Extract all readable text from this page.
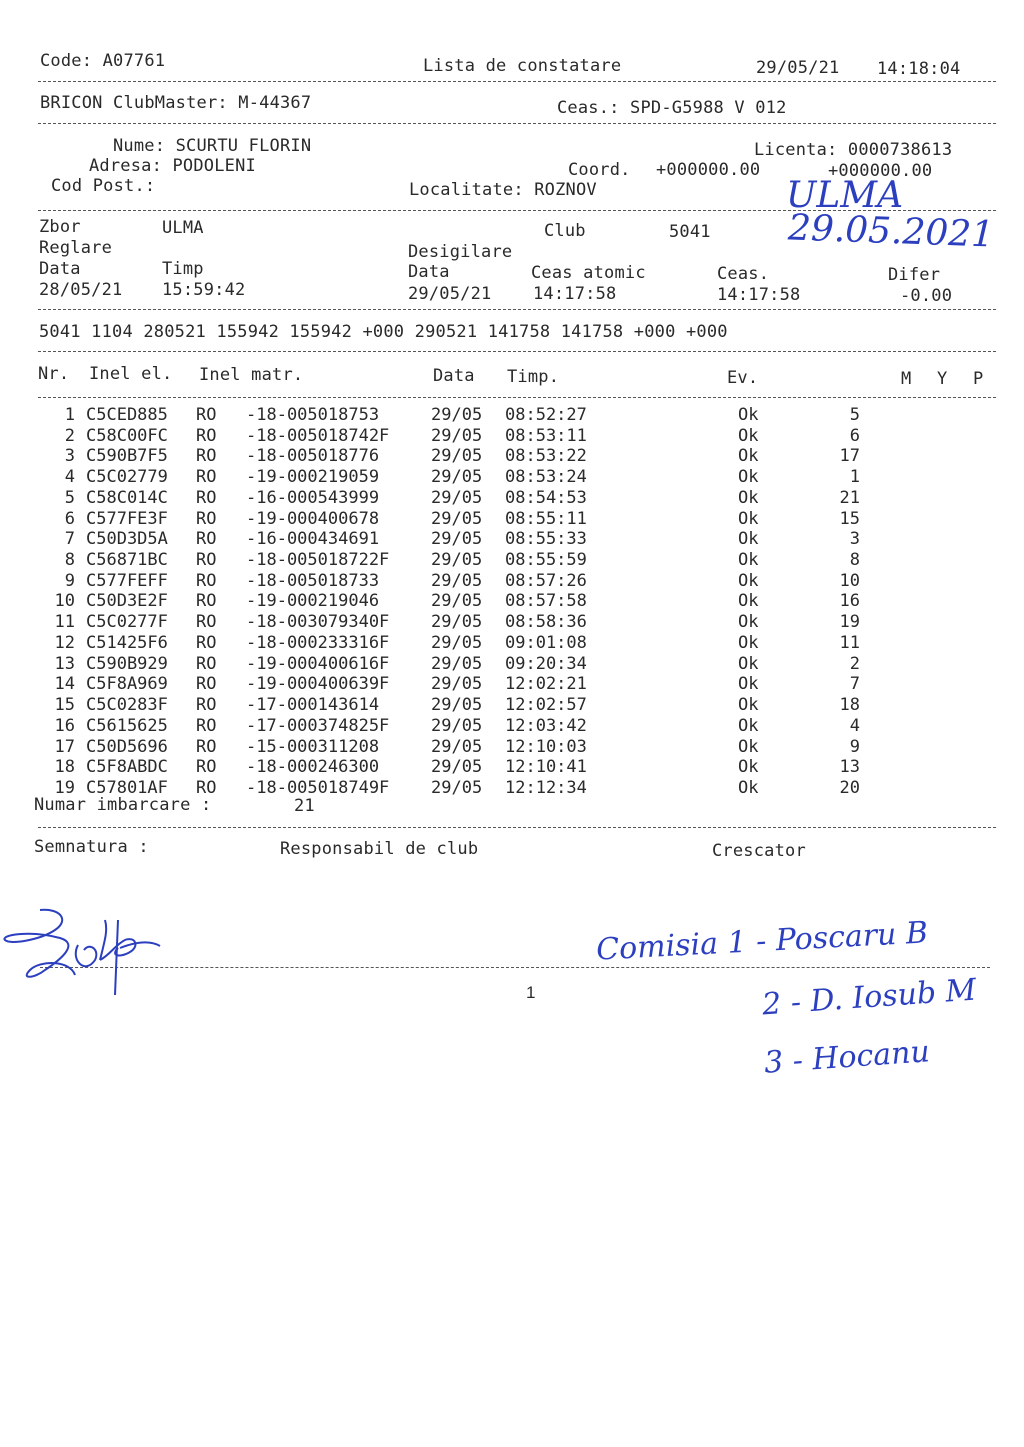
Code: A07761	Lista de constatare	29/05/21 14:18:04
BRICON ClubMaster: M-44367	Ceas.: SPD-G5988 V 012
Nume: SCURTU FLORIN
Adresa: PODOLENI
Cod Post.:
Licenta: 0000738613
Coord. +000000.00	+000000.00
Localitate: ROZNOV
Zbor	ULMA	Club	5041
Reglare	Desigilare
Data	Timp	Data	Ceas atomic	Ceas.	Difer
28/05/21 15:59:42	29/05/21 14:17:58	14:17:58	-0.00
5041 1104 280521 155942 155942 +000 290521 141758 141758 +000 +000
Nr. Inel el. Inel matr.	Data Timp.	Ev.	M Y P
1 C5CED885 RO -18-005018753	29/05 08:52:27	Ok	5
2 C58C00FC RO -18-005018742F 29/05 08:53:11	Ok	6
3 C590B7F5 RO -18-005018776	29/05 08:53:22	Ok	17
4 C5C02779 RO -19-000219059	29/05 08:53:24	Ok	1
5 C58C014C RO -16-000543999	29/05 08:54:53	Ok	21
6 C577FE3F RO -19-000400678	29/05 08:55:11	Ok	15
7 C50D3D5A RO -16-000434691	29/05 08:55:33	Ok	3
8 C56871BC RO -18-005018722F 29/05 08:55:59	Ok	8
9 C577FEFF RO -18-005018733	29/05 08:57:26	Ok	10
10 C50D3E2F RO -19-000219046	29/05 08:57:58	Ok	16
11 C5C0277F RO -18-003079340F 29/05 08:58:36	Ok	19
12 C51425F6 RO -18-000233316F 29/05 09:01:08	Ok	11
13 C590B929 RO -19-000400616F 29/05 09:20:34	Ok	2
14 C5F8A969 RO -19-000400639F 29/05 12:02:21	Ok	7
15 C5C0283F RO -17-000143614	29/05 12:02:57	Ok	18
16 C5615625 RO -17-000374825F 29/05 12:03:42	Ok	4
17 C50D5696 RO -15-000311208	29/05 12:10:03	Ok	9
18 C5F8ABDC RO -18-000246300	29/05 12:10:41	Ok	13
19 C57801AF RO -18-005018749F 29/05 12:12:34	Ok	20
Numar imbarcare :	21
Semnatura :	Responsabil de club	Crescator
1
ULMA
29.05.2021
Comisia 1 - Poscaru B
2 - D. Iosub M
3 - Hocanu
